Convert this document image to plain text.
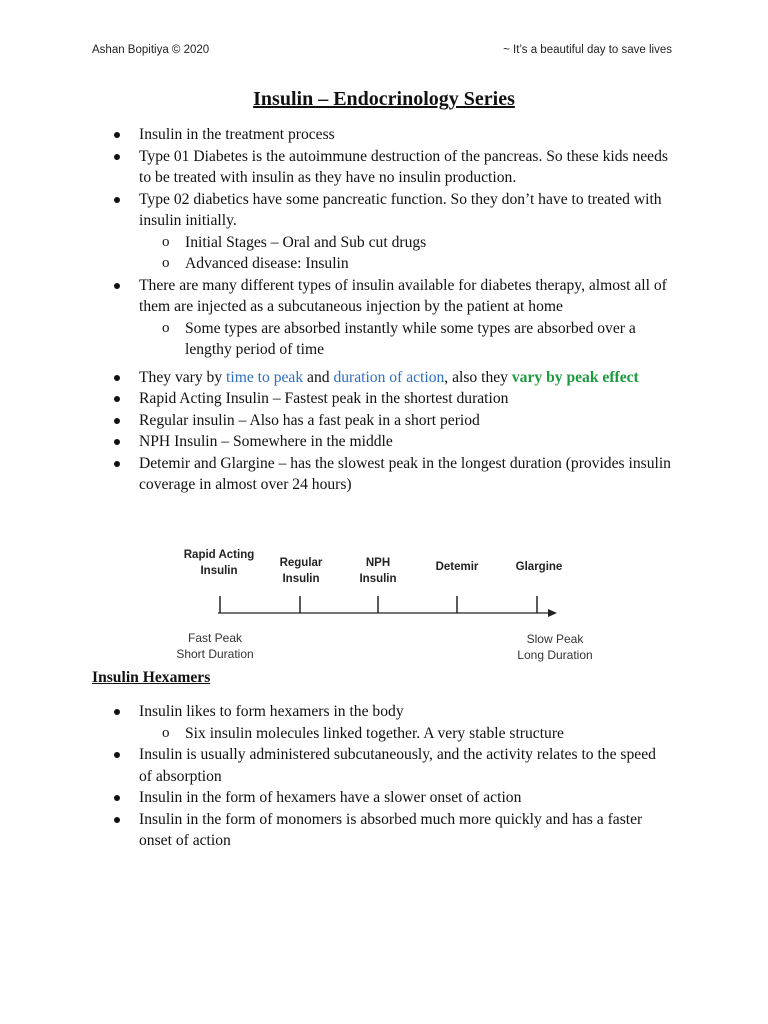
Ashan Bopitiya © 2020	~ It’s a beautiful day to save lives
Insulin – Endocrinology Series
Insulin in the treatment process
Type 01 Diabetes is the autoimmune destruction of the pancreas. So these kids needs to be treated with insulin as they have no insulin production.
Type 02 diabetics have some pancreatic function. So they don’t have to treated with insulin initially.
o Initial Stages – Oral and Sub cut drugs
o Advanced disease: Insulin
There are many different types of insulin available for diabetes therapy, almost all of them are injected as a subcutaneous injection by the patient at home
o Some types are absorbed instantly while some types are absorbed over a lengthy period of time
They vary by time to peak and duration of action, also they vary by peak effect
Rapid Acting Insulin – Fastest peak in the shortest duration
Regular insulin – Also has a fast peak in a short period
NPH Insulin – Somewhere in the middle
Detemir and Glargine – has the slowest peak in the longest duration (provides insulin coverage in almost over 24 hours)
Rapid Acting Insulin
Regular Insulin
NPH Insulin
Detemir	Glargine
Fast Peak
Short Duration
Slow Peak
Long Duration
Insulin Hexamers
Insulin likes to form hexamers in the body
o Six insulin molecules linked together. A very stable structure
Insulin is usually administered subcutaneously, and the activity relates to the speed of absorption
Insulin in the form of hexamers have a slower onset of action
Insulin in the form of monomers is absorbed much more quickly and has a faster onset of action
